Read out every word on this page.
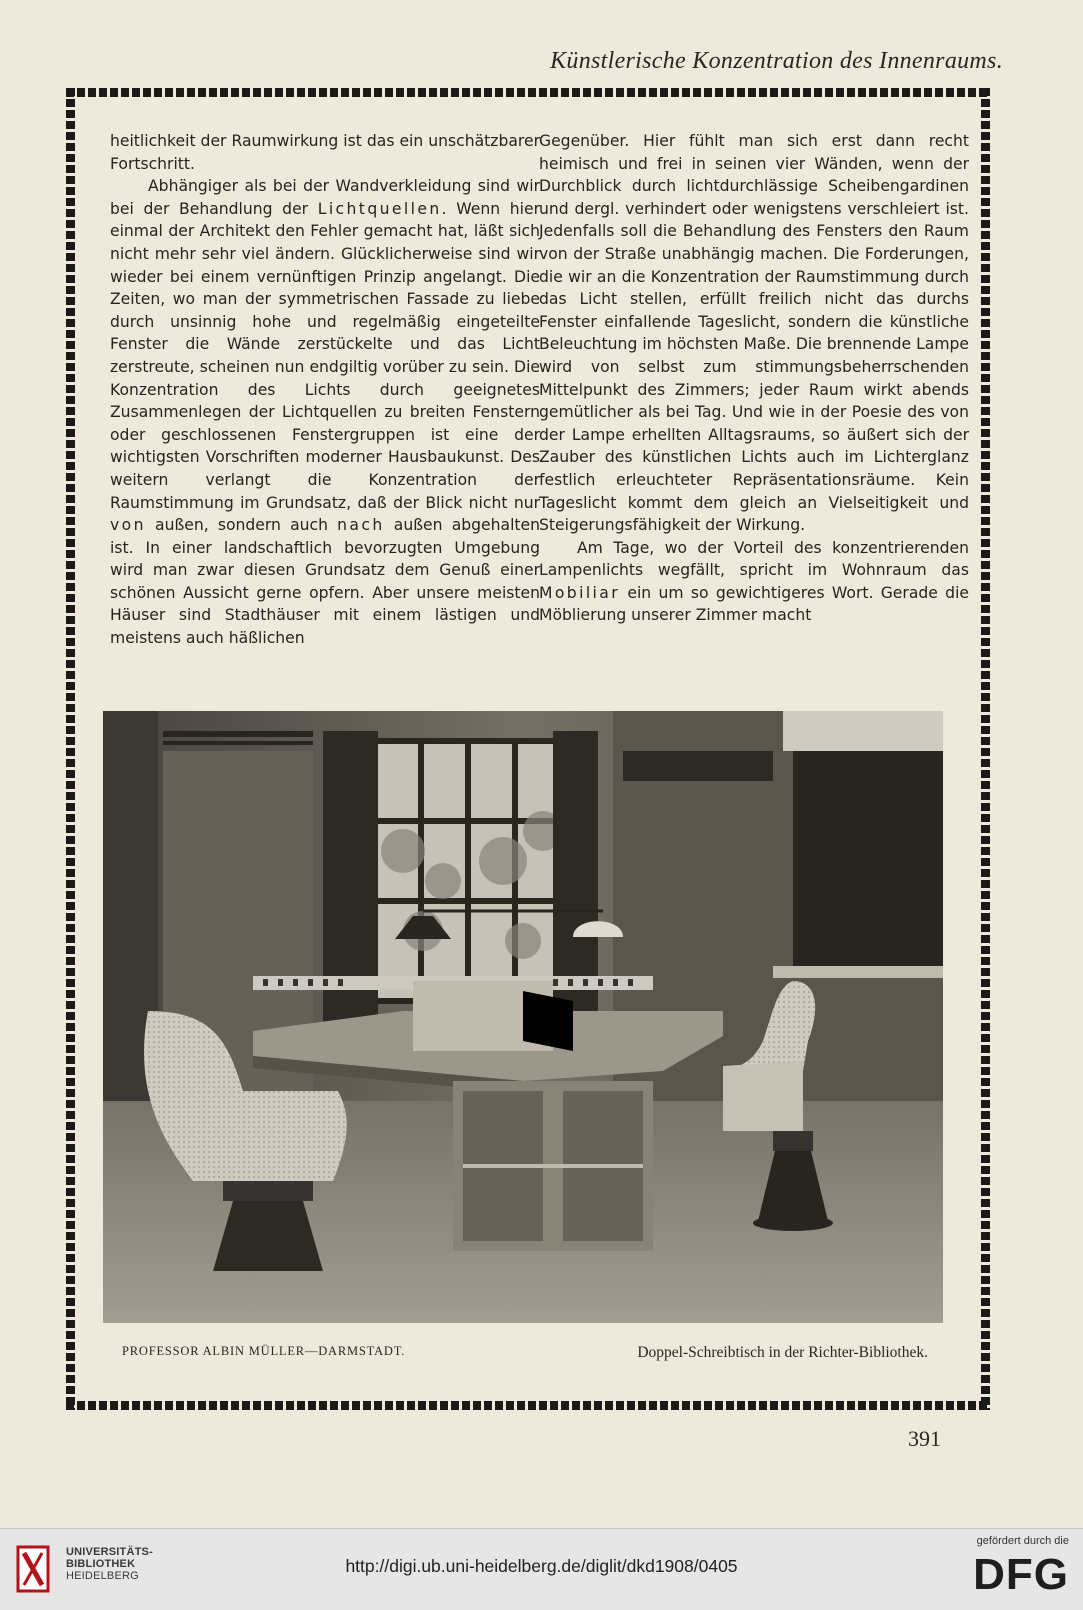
Künstlerische Konzentration des Innenraums.

heitlichkeit der Raumwirkung ist das ein unschätzbarer Fortschritt.

Abhängiger als bei der Wandverkleidung sind wir bei der Behandlung der Lichtquellen. Wenn hier einmal der Architekt den Fehler gemacht hat, läßt sich nicht mehr sehr viel ändern. Glücklicherweise sind wir wieder bei einem vernünftigen Prinzip angelangt. Die Zeiten, wo man der symmetrischen Fassade zu liebe durch unsinnig hohe und regelmäßig eingeteilte Fenster die Wände zerstückelte und das Licht zerstreute, scheinen nun endgiltig vorüber zu sein. Die Konzentration des Lichts durch geeignetes Zusammenlegen der Lichtquellen zu breiten Fenstern oder geschlossenen Fenstergruppen ist eine der wichtigsten Vorschriften moderner Hausbaukunst. Des weitern verlangt die Konzentration der Raumstimmung im Grundsatz, daß der Blick nicht nur von außen, sondern auch nach außen abgehalten ist. In einer landschaftlich bevorzugten Umgebung wird man zwar diesen Grundsatz dem Genuß einer schönen Aussicht gerne opfern. Aber unsere meisten Häuser sind Stadthäuser mit einem lästigen und meistens auch häßlichen

Gegenüber. Hier fühlt man sich erst dann recht heimisch und frei in seinen vier Wänden, wenn der Durchblick durch lichtdurchlässige Scheibengardinen und dergl. verhindert oder wenigstens verschleiert ist. Jedenfalls soll die Behandlung des Fensters den Raum von der Straße unabhängig machen. Die Forderungen, die wir an die Konzentration der Raumstimmung durch das Licht stellen, erfüllt freilich nicht das durchs Fenster einfallende Tageslicht, sondern die künstliche Beleuchtung im höchsten Maße. Die brennende Lampe wird von selbst zum stimmungsbeherrschenden Mittelpunkt des Zimmers; jeder Raum wirkt abends gemütlicher als bei Tag. Und wie in der Poesie des von der Lampe erhellten Alltagsraums, so äußert sich der Zauber des künstlichen Lichts auch im Lichterglanz festlich erleuchteter Repräsentationsräume. Kein Tageslicht kommt dem gleich an Vielseitigkeit und Steigerungsfähigkeit der Wirkung.

Am Tage, wo der Vorteil des konzentrierenden Lampenlichts wegfällt, spricht im Wohnraum das Mobiliar ein um so gewichtigeres Wort. Gerade die Möblierung unserer Zimmer macht

PROFESSOR ALBIN MÜLLER—DARMSTADT.	Doppel-Schreibtisch in der Richter-Bibliothek.
391
UNIVERSITÄTS-
BIBLIOTHEK
HEIDELBERG	http://digi.ub.uni-heidelberg.de/diglit/dkd1908/0405
gefördert durch die
DFG
